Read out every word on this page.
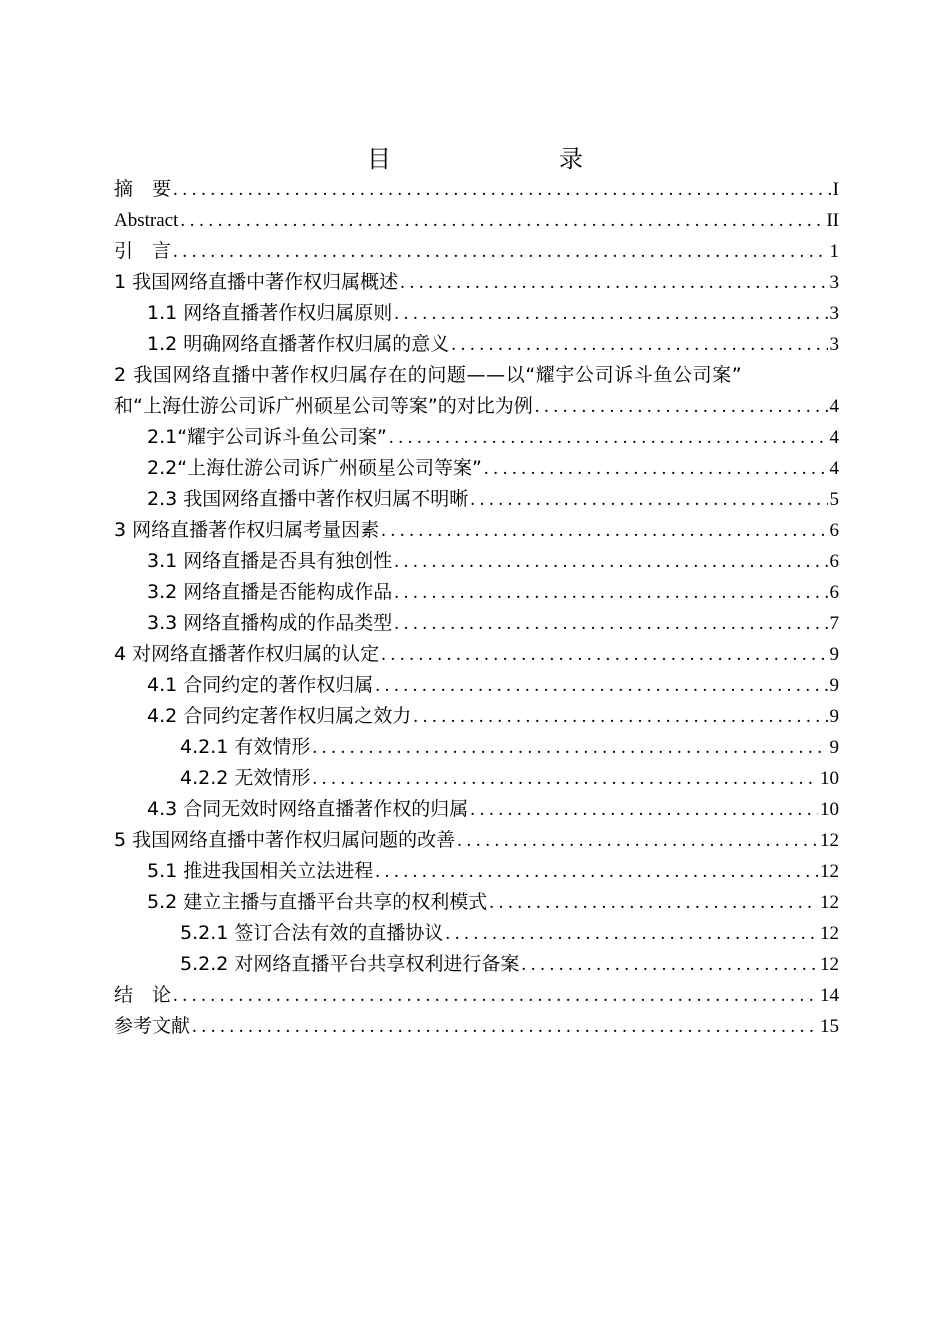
目　　录
摘　要 .....	I
Abstract .....	II
引　言 .....	1
1 我国网络直播中著作权归属概述 .....	3
1.1 网络直播著作权归属原则 .....	3
1.2 明确网络直播著作权归属的意义 .....	3
2 我国网络直播中著作权归属存在的问题——以“耀宇公司诉斗鱼公司案”
和“上海仕游公司诉广州硕星公司等案”的对比为例 .....	4
2.1“耀宇公司诉斗鱼公司案” .....	4
2.2“上海仕游公司诉广州硕星公司等案” .....	4
2.3 我国网络直播中著作权归属不明晰 .....	5
3 网络直播著作权归属考量因素 .....	6
3.1 网络直播是否具有独创性 .....	6
3.2 网络直播是否能构成作品 .....	6
3.3 网络直播构成的作品类型 .....	7
4 对网络直播著作权归属的认定 .....	9
4.1 合同约定的著作权归属 .....	9
4.2 合同约定著作权归属之效力 .....	9
4.2.1 有效情形 .....	9
4.2.2 无效情形 .....	10
4.3 合同无效时网络直播著作权的归属 .....	10
5 我国网络直播中著作权归属问题的改善 .....	12
5.1 推进我国相关立法进程 .....	12
5.2 建立主播与直播平台共享的权利模式 .....	12
5.2.1 签订合法有效的直播协议 .....	12
5.2.2 对网络直播平台共享权利进行备案 .....	12
结　论 .....	14
参考文献 .....	15
